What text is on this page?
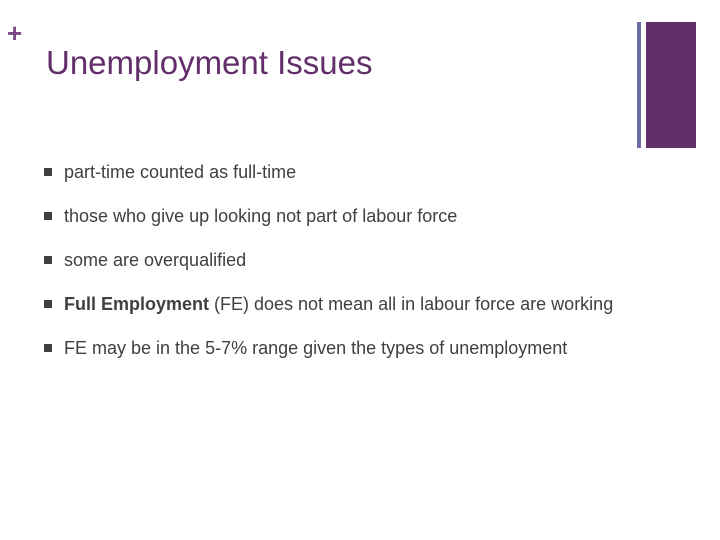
+
Unemployment Issues
part-time counted as full-time
those who give up looking not part of labour force
some are overqualified
Full Employment (FE) does not mean all in labour force are working
FE may be in the 5-7% range given the types of unemployment
